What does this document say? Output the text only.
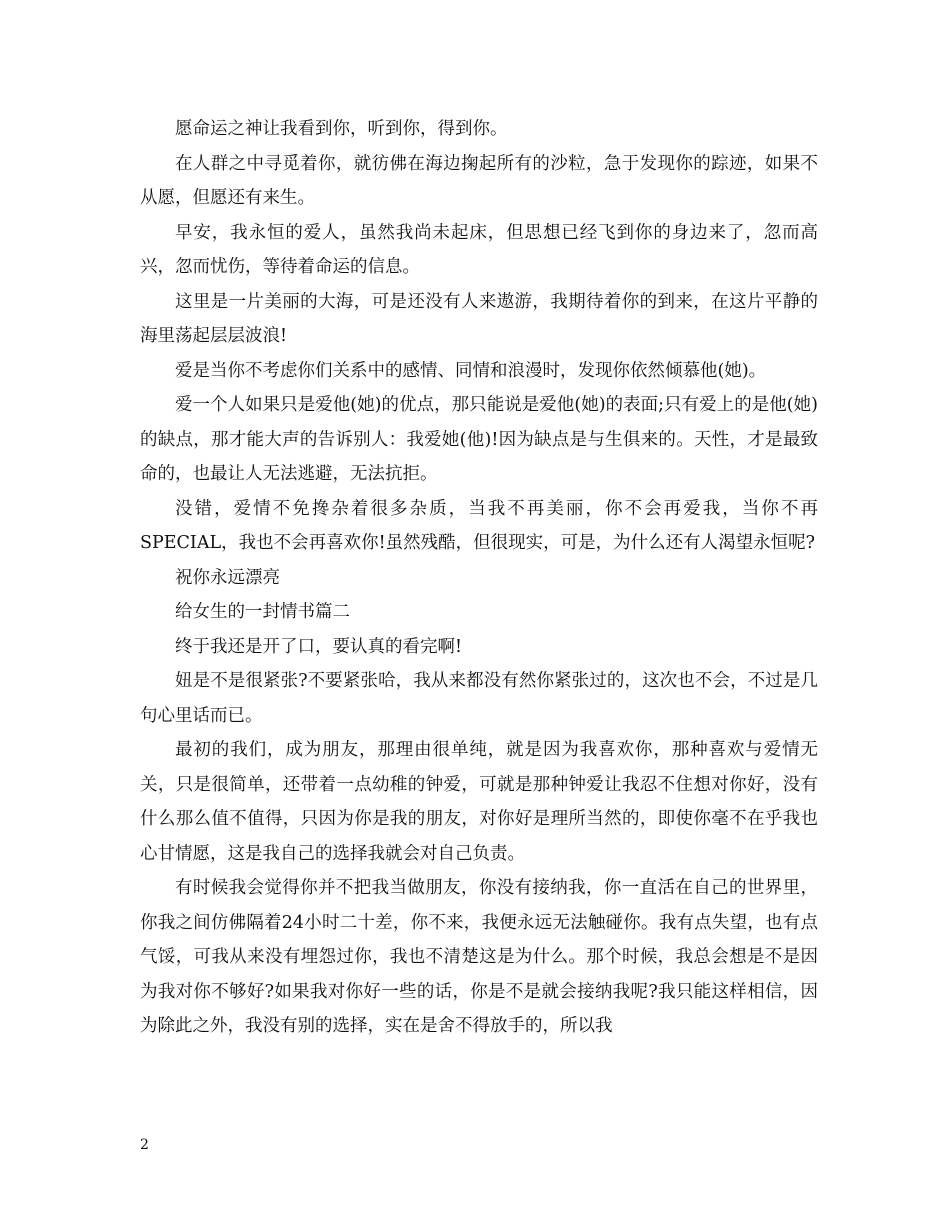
愿命运之神让我看到你，听到你，得到你。

在人群之中寻觅着你，就彷佛在海边掬起所有的沙粒，急于发现你的踪迹，如果不从愿，但愿还有来生。

早安，我永恒的爱人，虽然我尚未起床，但思想已经飞到你的身边来了，忽而高兴，忽而忧伤，等待着命运的信息。

这里是一片美丽的大海，可是还没有人来遨游，我期待着你的到来，在这片平静的海里荡起层层波浪!

爱是当你不考虑你们关系中的感情、同情和浪漫时，发现你依然倾慕他(她)。

爱一个人如果只是爱他(她)的优点，那只能说是爱他(她)的表面;只有爱上的是他(她)的缺点，那才能大声的告诉别人：我爱她(他)!因为缺点是与生俱来的。天性，才是最致命的，也最让人无法逃避，无法抗拒。

没错，爱情不免搀杂着很多杂质，当我不再美丽，你不会再爱我，当你不再SPECIAL，我也不会再喜欢你!虽然残酷，但很现实，可是，为什么还有人渴望永恒呢?

祝你永远漂亮

给女生的一封情书篇二

终于我还是开了口，要认真的看完啊!

妞是不是很紧张?不要紧张哈，我从来都没有然你紧张过的，这次也不会，不过是几句心里话而已。

最初的我们，成为朋友，那理由很单纯，就是因为我喜欢你，那种喜欢与爱情无关，只是很简单，还带着一点幼稚的钟爱，可就是那种钟爱让我忍不住想对你好，没有什么那么值不值得，只因为你是我的朋友，对你好是理所当然的，即使你毫不在乎我也心甘情愿，这是我自己的选择我就会对自己负责。

有时候我会觉得你并不把我当做朋友，你没有接纳我，你一直活在自己的世界里，你我之间仿佛隔着24小时二十差，你不来，我便永远无法触碰你。我有点失望，也有点气馁，可我从来没有埋怨过你，我也不清楚这是为什么。那个时候，我总会想是不是因为我对你不够好?如果我对你好一些的话，你是不是就会接纳我呢?我只能这样相信，因为除此之外，我没有别的选择，实在是舍不得放手的，所以我

2
